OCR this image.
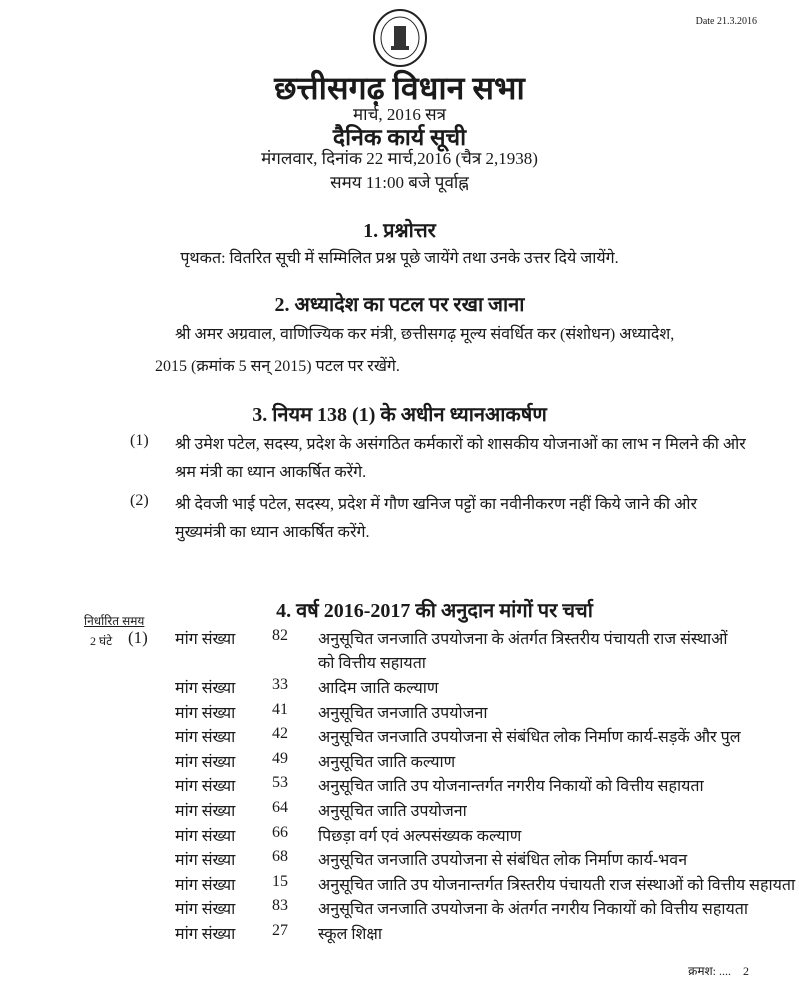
Date 21.3.2016
छत्तीसगढ़ विधान सभा
मार्च, 2016 सत्र
दैनिक कार्य सूची
मंगलवार, दिनांक 22 मार्च,2016 (चैत्र 2,1938)
समय 11:00 बजे पूर्वाह्न
1. प्रश्नोत्तर
पृथकत: वितरित सूची में सम्मिलित प्रश्न पूछे जायेंगे तथा उनके उत्तर दिये जायेंगे.
2. अध्यादेश का पटल पर रखा जाना
श्री अमर अग्रवाल, वाणिज्यिक कर मंत्री, छत्तीसगढ़ मूल्य संवर्धित कर (संशोधन) अध्यादेश,
2015 (क्रमांक 5 सन् 2015) पटल पर रखेंगे.
3. नियम 138 (1) के अधीन ध्यानआकर्षण
(1) श्री उमेश पटेल, सदस्य, प्रदेश के असंगठित कर्मकारों को शासकीय योजनाओं का लाभ न मिलने की ओर
श्रम मंत्री का ध्यान आकर्षित करेंगे.
(2) श्री देवजी भाई पटेल, सदस्य, प्रदेश में गौण खनिज पट्टों का नवीनीकरण नहीं किये जाने की ओर
मुख्यमंत्री का ध्यान आकर्षित करेंगे.
4. वर्ष 2016-2017 की अनुदान मांगों पर चर्चा
निर्धारित समय
2 घंटे (1) मांग संख्या 82 अनुसूचित जनजाति उपयोजना के अंतर्गत त्रिस्तरीय पंचायती राज संस्थाओं
को वित्तीय सहायता
मांग संख्या 33 आदिम जाति कल्याण
मांग संख्या 41 अनुसूचित जनजाति उपयोजना
मांग संख्या 42 अनुसूचित जनजाति उपयोजना से संबंधित लोक निर्माण कार्य-सड़कें और पुल
मांग संख्या 49 अनुसूचित जाति कल्याण
मांग संख्या 53 अनुसूचित जाति उप योजनान्तर्गत नगरीय निकायों को वित्तीय सहायता
मांग संख्या 64 अनुसूचित जाति उपयोजना
मांग संख्या 66 पिछड़ा वर्ग एवं अल्पसंख्यक कल्याण
मांग संख्या 68 अनुसूचित जनजाति उपयोजना से संबंधित लोक निर्माण कार्य-भवन
मांग संख्या 15 अनुसूचित जाति उप योजनान्तर्गत त्रिस्तरीय पंचायती राज संस्थाओं को वित्तीय सहायता
मांग संख्या 83 अनुसूचित जनजाति उपयोजना के अंतर्गत नगरीय निकायों को वित्तीय सहायता
मांग संख्या 27 स्कूल शिक्षा
क्रमश: .... 2
